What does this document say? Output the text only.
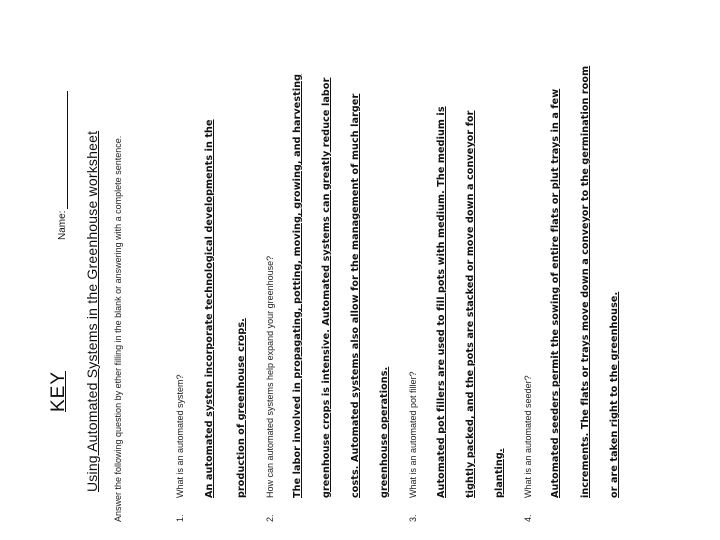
KEY
Name: Using Automated Systems in the Greenhouse worksheet Answer the following question by ether filling in the blank or answering with a complete sentence.	1.
What is an automated system? An automated systen incorporate technological developments in the production of greenhouse crops.
2.
How can automated systems help expand your greenhouse? The labor involved in propagating, potting, moving, growing, and harvesting greenhouse crops is intensive. Automated systems can greatly reduce labor costs. Automated systems also allow for the management of much larger greenhouse operations.
3.
What is an automated pot filler? Automated pot fillers are used to fill pots with medium. The medium is tightly packed, and the pots are stacked or move down a conveyor for planting.
4.
What is an automated seeder? Automated seeders permit the sowing of entire flats or plut trays in a few increments. The flats or trays move down a conveyor to the germination room or are taken right to the greenhouse.
